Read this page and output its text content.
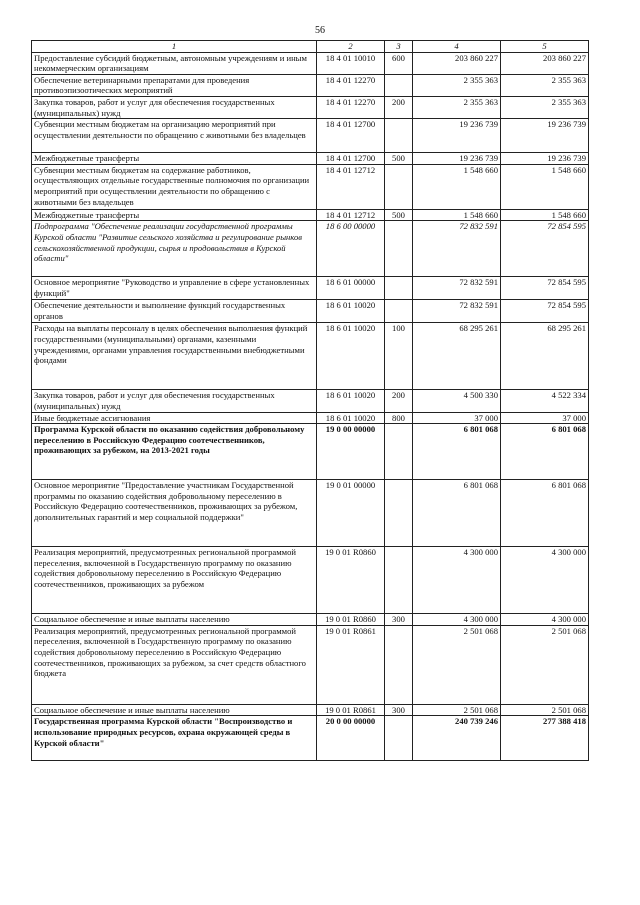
56
1	2	3	4	5
Предоставление субсидий бюджетным, автономным учреждениям и иным некоммерческим организациям	18 4 01 10010	600	203 860 227	203 860 227
Обеспечение ветеринарными препаратами для проведения противоэпизоотических мероприятий	18 4 01 12270		2 355 363	2 355 363
Закупка товаров, работ и услуг для обеспечения государственных (муниципальных) нужд	18 4 01 12270	200	2 355 363	2 355 363
Субвенции местным бюджетам на организацию мероприятий при осуществлении деятельности по обращению с животными без владельцев	18 4 01 12700		19 236 739	19 236 739
Межбюджетные трансферты	18 4 01 12700	500	19 236 739	19 236 739
Субвенции местным бюджетам на содержание работников, осуществляющих отдельные государственные полномочия по организации мероприятий при осуществлении деятельности по обращению с животными без владельцев	18 4 01 12712		1 548 660	1 548 660
Межбюджетные трансферты	18 4 01 12712	500	1 548 660	1 548 660
Подпрограмма "Обеспечение реализации государственной программы Курской области "Развитие сельского хозяйства и регулирование рынков сельскохозяйственной продукции, сырья и продовольствия в Курской области"	18 6 00 00000		72 832 591	72 854 595
Основное мероприятие "Руководство и управление в сфере установленных функций"	18 6 01 00000		72 832 591	72 854 595
Обеспечение деятельности и выполнение функций государственных органов	18 6 01 10020		72 832 591	72 854 595
Расходы на выплаты персоналу в целях обеспечения выполнения функций государственными (муниципальными) органами, казенными учреждениями, органами управления государственными внебюджетными фондами	18 6 01 10020	100	68 295 261	68 295 261
Закупка товаров, работ и услуг для обеспечения государственных (муниципальных) нужд	18 6 01 10020	200	4 500 330	4 522 334
Иные бюджетные ассигнования	18 6 01 10020	800	37 000	37 000
Программа Курской области по оказанию содействия добровольному переселению в Российскую Федерацию соотечественников, проживающих за рубежом, на 2013-2021 годы	19 0 00 00000		6 801 068	6 801 068
Основное мероприятие "Предоставление участникам Государственной программы по оказанию содействия добровольному переселению в Российскую Федерацию соотечественников, проживающих за рубежом, дополнительных гарантий и мер социальной поддержки"	19 0 01 00000		6 801 068	6 801 068
Реализация мероприятий, предусмотренных региональной программой переселения, включенной в Государственную программу по оказанию содействия добровольному переселению в Российскую Федерацию соотечественников, проживающих за рубежом	19 0 01 R0860		4 300 000	4 300 000
Социальное обеспечение и иные выплаты населению	19 0 01 R0860	300	4 300 000	4 300 000
Реализация мероприятий, предусмотренных региональной программой переселения, включенной в Государственную программу по оказанию содействия добровольному переселению в Российскую Федерацию соотечественников, проживающих за рубежом, за счет средств областного бюджета	19 0 01 R0861		2 501 068	2 501 068
Социальное обеспечение и иные выплаты населению	19 0 01 R0861	300	2 501 068	2 501 068
Государственная программа Курской области "Воспроизводство и использование природных ресурсов, охрана окружающей среды в Курской области"	20 0 00 00000		240 739 246	277 388 418
